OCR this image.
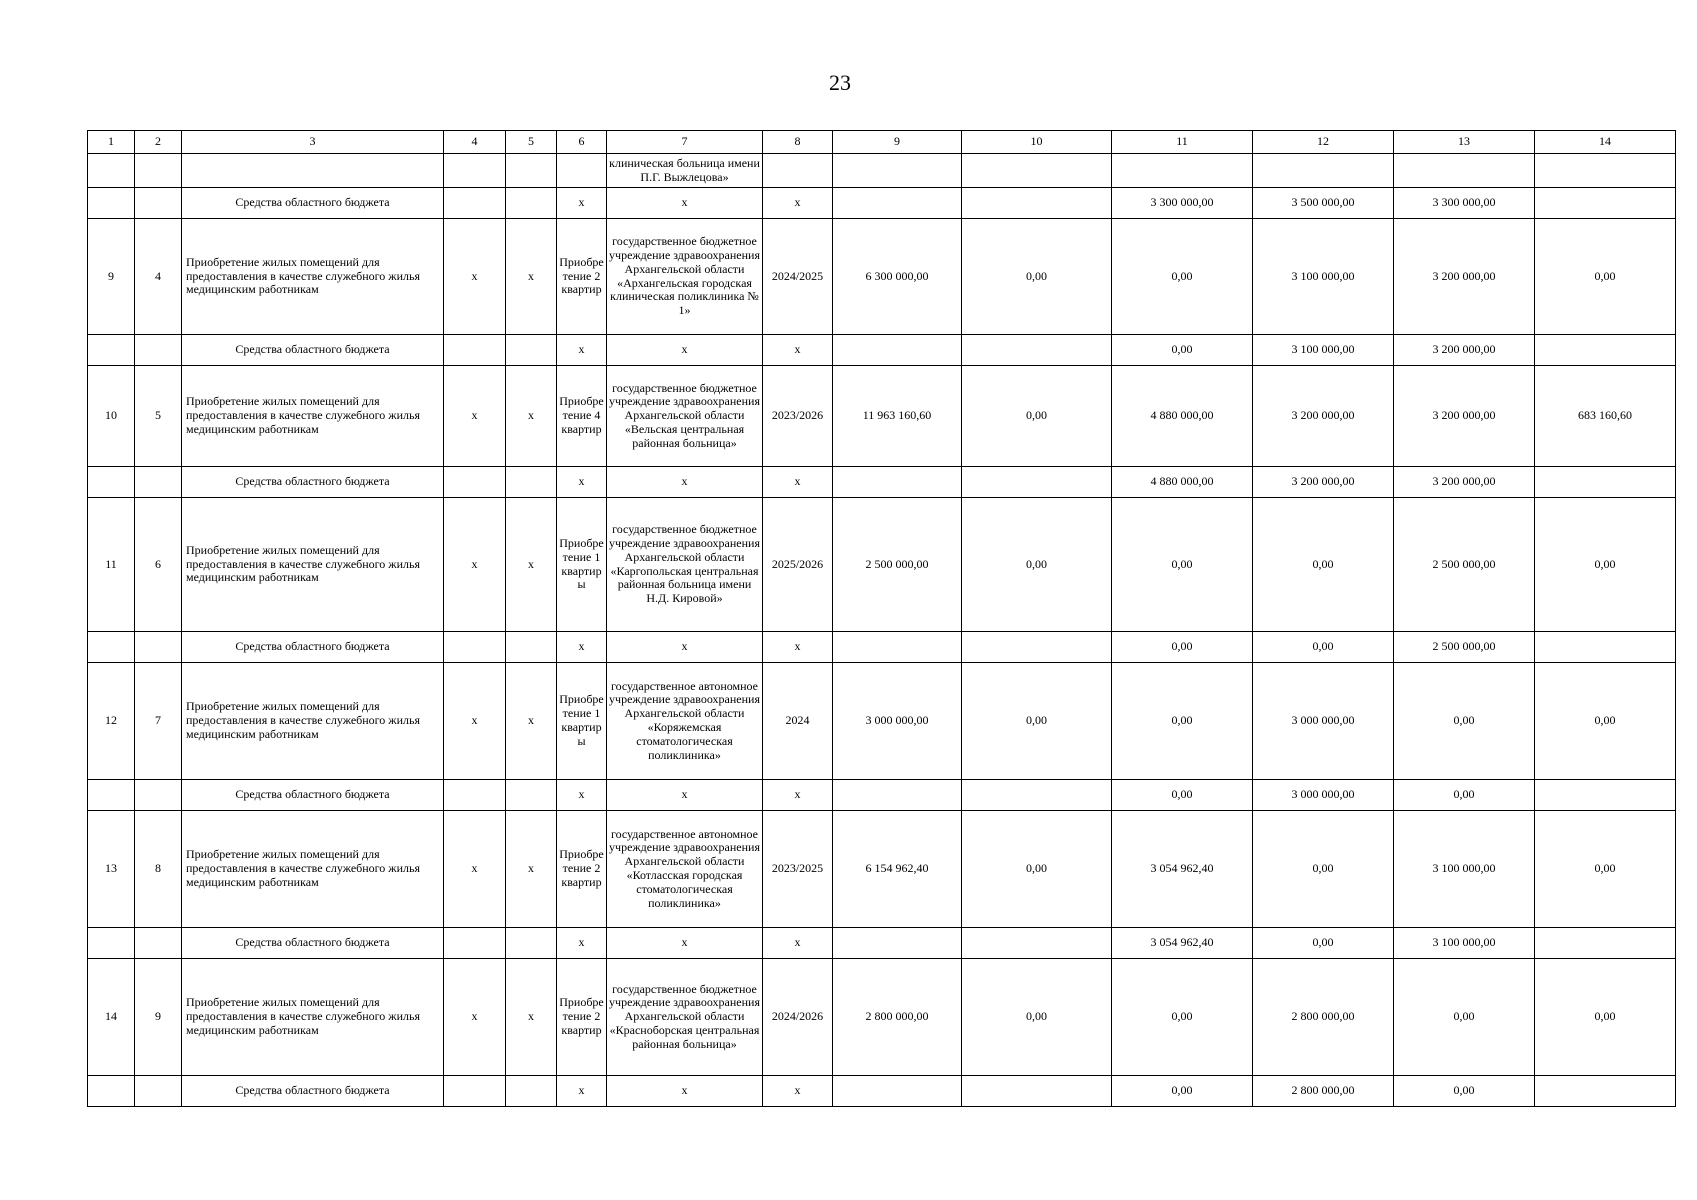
23
1	2	3	4	5	6	7	8	9	10	11	12	13	14
						клиническая больница имени П.Г. Выжлецова»							
		Средства областного бюджета			х	х	х			3 300 000,00	3 500 000,00	3 300 000,00	
9	4	Приобретение жилых помещений для предоставления в качестве служебного жилья медицинским работникам	х	х	Приобретение 2 квартир	государственное бюджетное учреждение здравоохранения Архангельской области «Архангельская городская клиническая поликлиника № 1»	2024/2025	6 300 000,00	0,00	0,00	3 100 000,00	3 200 000,00	0,00
		Средства областного бюджета			х	х	х			0,00	3 100 000,00	3 200 000,00	
10	5	Приобретение жилых помещений для предоставления в качестве служебного жилья медицинским работникам	х	х	Приобретение 4 квартир	государственное бюджетное учреждение здравоохранения Архангельской области «Вельская центральная районная больница»	2023/2026	11 963 160,60	0,00	4 880 000,00	3 200 000,00	3 200 000,00	683 160,60
		Средства областного бюджета			х	х	х			4 880 000,00	3 200 000,00	3 200 000,00	
11	6	Приобретение жилых помещений для предоставления в качестве служебного жилья медицинским работникам	х	х	Приобретение 1 квартиры	государственное бюджетное учреждение здравоохранения Архангельской области «Каргопольская центральная районная больница имени Н.Д. Кировой»	2025/2026	2 500 000,00	0,00	0,00	0,00	2 500 000,00	0,00
		Средства областного бюджета			х	х	х			0,00	0,00	2 500 000,00	
12	7	Приобретение жилых помещений для предоставления в качестве служебного жилья медицинским работникам	х	х	Приобретение 1 квартиры	государственное автономное учреждение здравоохранения Архангельской области «Коряжемская стоматологическая поликлиника»	2024	3 000 000,00	0,00	0,00	3 000 000,00	0,00	0,00
		Средства областного бюджета			х	х	х			0,00	3 000 000,00	0,00	
13	8	Приобретение жилых помещений для предоставления в качестве служебного жилья медицинским работникам	х	х	Приобретение 2 квартир	государственное автономное учреждение здравоохранения Архангельской области «Котласская городская стоматологическая поликлиника»	2023/2025	6 154 962,40	0,00	3 054 962,40	0,00	3 100 000,00	0,00
		Средства областного бюджета			х	х	х			3 054 962,40	0,00	3 100 000,00	
14	9	Приобретение жилых помещений для предоставления в качестве служебного жилья медицинским работникам	х	х	Приобретение 2 квартир	государственное бюджетное учреждение здравоохранения Архангельской области «Красноборская центральная районная больница»	2024/2026	2 800 000,00	0,00	0,00	2 800 000,00	0,00	0,00
		Средства областного бюджета			х	х	х			0,00	2 800 000,00	0,00	
